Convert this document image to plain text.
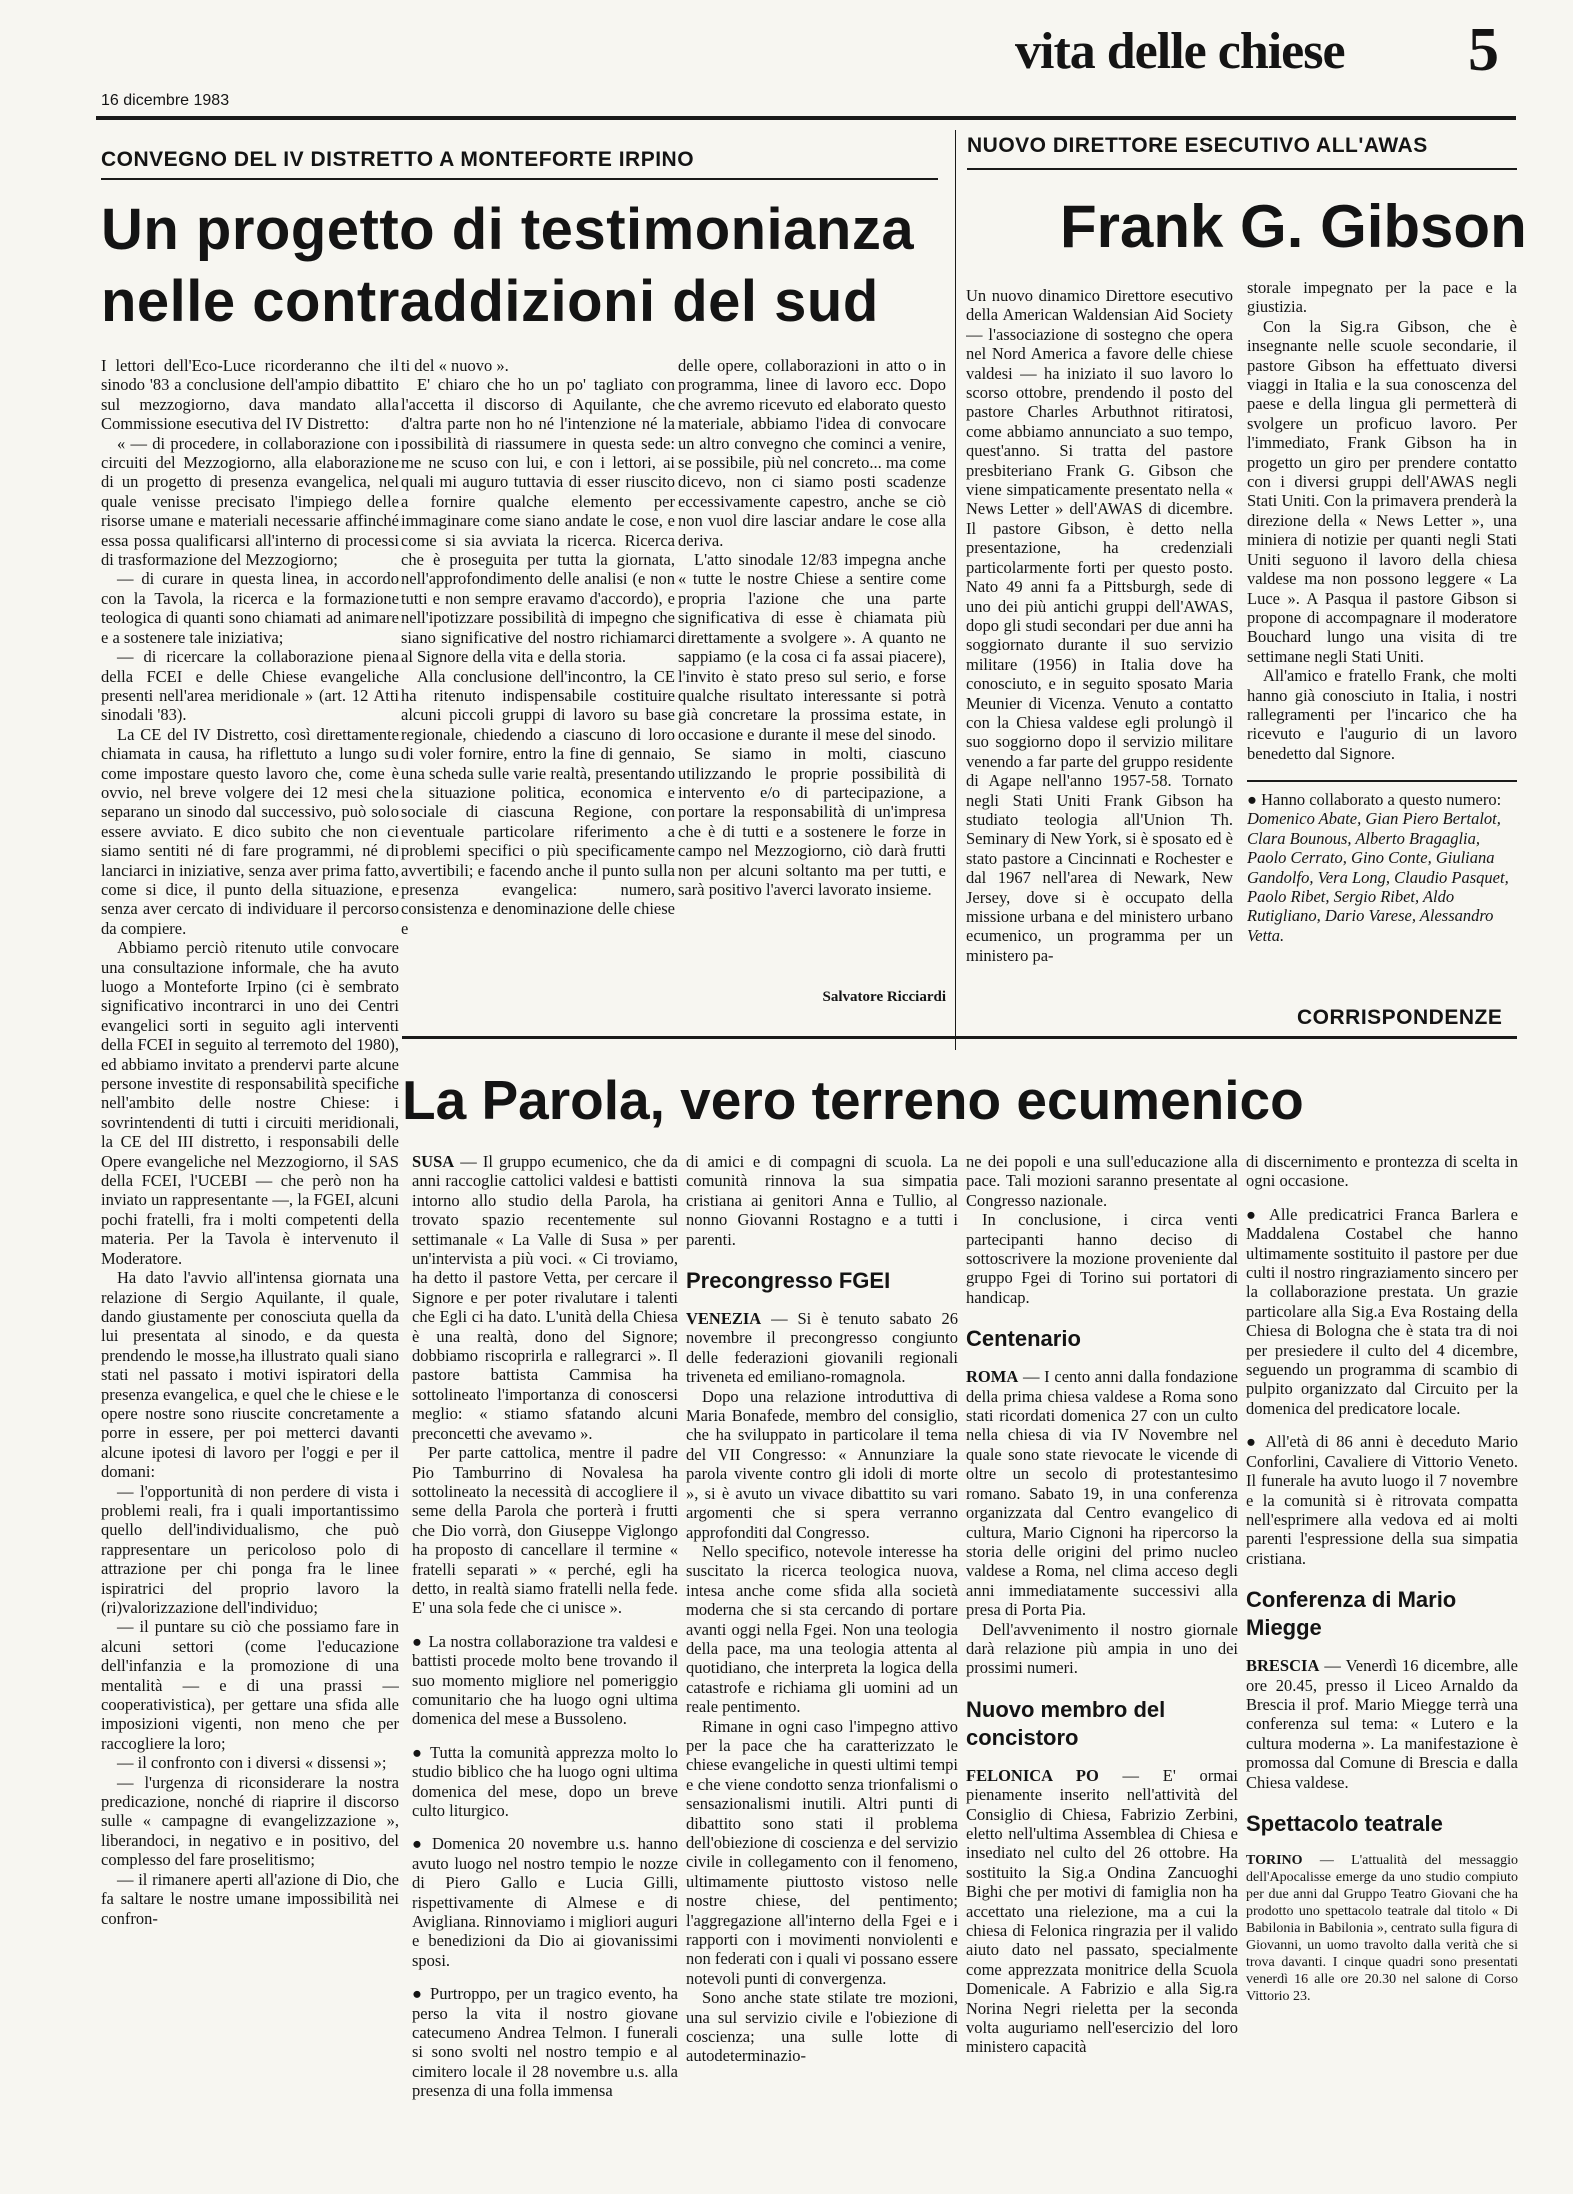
vita delle chiese 5
16 dicembre 1983
CONVEGNO DEL IV DISTRETTO A MONTEFORTE IRPINO
Un progetto di testimonianza
nelle contraddizioni del sud

I lettori dell'Eco-Luce ricorderanno che il sinodo '83 a conclusione dell'ampio dibattito sul mezzogiorno, dava mandato alla Commissione esecutiva del IV Distretto:

« — di procedere, in collaborazione con i circuiti del Mezzogiorno, alla elaborazione di un progetto di presenza evangelica, nel quale venisse precisato l'impiego delle risorse umane e materiali necessarie affinché essa possa qualificarsi all'interno di processi di trasformazione del Mezzogiorno;

— di curare in questa linea, in accordo con la Tavola, la ricerca e la formazione teologica di quanti sono chiamati ad animare e a sostenere tale iniziativa;

— di ricercare la collaborazione piena della FCEI e delle Chiese evangeliche presenti nell'area meridionale » (art. 12 Atti sinodali '83).

La CE del IV Distretto, così direttamente chiamata in causa, ha riflettuto a lungo su come impostare questo lavoro che, come è ovvio, nel breve volgere dei 12 mesi che separano un sinodo dal successivo, può solo essere avviato. E dico subito che non ci siamo sentiti né di fare programmi, né di lanciarci in iniziative, senza aver prima fatto, come si dice, il punto della situazione, e senza aver cercato di individuare il percorso da compiere.

Abbiamo perciò ritenuto utile convocare una consultazione informale, che ha avuto luogo a Monteforte Irpino (ci è sembrato significativo incontrarci in uno dei Centri evangelici sorti in seguito agli interventi della FCEI in seguito al terremoto del 1980), ed abbiamo invitato a prendervi parte alcune persone investite di responsabilità specifiche nell'ambito delle nostre Chiese: i sovrintendenti di tutti i circuiti meridionali, la CE del III distretto, i responsabili delle Opere evangeliche nel Mezzogiorno, il SAS della FCEI, l'UCEBI — che però non ha inviato un rappresentante —, la FGEI, alcuni pochi fratelli, fra i molti competenti della materia. Per la Tavola è intervenuto il Moderatore.

Ha dato l'avvio all'intensa giornata una relazione di Sergio Aquilante, il quale, dando giustamente per conosciuta quella da lui presentata al sinodo, e da questa prendendo le mosse,ha illustrato quali siano stati nel passato i motivi ispiratori della presenza evangelica, e quel che le chiese e le opere nostre sono riuscite concretamente a porre in essere, per poi metterci davanti alcune ipotesi di lavoro per l'oggi e per il domani:

— l'opportunità di non perdere di vista i problemi reali, fra i quali importantissimo quello dell'individualismo, che può rappresentare un pericoloso polo di attrazione per chi ponga fra le linee ispiratrici del proprio lavoro la (ri)valorizzazione dell'individuo;

— il puntare su ciò che possiamo fare in alcuni settori (come l'educazione dell'infanzia e la promozione di una mentalità — e di una prassi — cooperativistica), per gettare una sfida alle imposizioni vigenti, non meno che per raccogliere la loro;

— il confronto con i diversi « dissensi »;

— l'urgenza di riconsiderare la nostra predicazione, nonché di riaprire il discorso sulle « campagne di evangelizzazione », liberandoci, in negativo e in positivo, del complesso del fare proselitismo;

— il rimanere aperti all'azione di Dio, che fa saltare le nostre umane impossibilità nei confron-

ti del « nuovo ».

E' chiaro che ho un po' tagliato con l'accetta il discorso di Aquilante, che d'altra parte non ho né l'intenzione né la possibilità di riassumere in questa sede: me ne scuso con lui, e con i lettori, ai quali mi auguro tuttavia di esser riuscito a fornire qualche elemento per immaginare come siano andate le cose, e come si sia avviata la ricerca. Ricerca che è proseguita per tutta la giornata, nell'approfondimento delle analisi (e non tutti e non sempre eravamo d'accordo), e nell'ipotizzare possibilità di impegno che siano significative del nostro richiamarci al Signore della vita e della storia.

Alla conclusione dell'incontro, la CE ha ritenuto indispensabile costituire alcuni piccoli gruppi di lavoro su base regionale, chiedendo a ciascuno di loro di voler fornire, entro la fine di gennaio, una scheda sulle varie realtà, presentando la situazione politica, economica e sociale di ciascuna Regione, con eventuale particolare riferimento a problemi specifici o più specificamente avvertibili; e facendo anche il punto sulla presenza evangelica: numero, consistenza e denominazione delle chiese e

delle opere, collaborazioni in atto o in programma, linee di lavoro ecc. Dopo che avremo ricevuto ed elaborato questo materiale, abbiamo l'idea di convocare un altro convegno che cominci a venire, se possibile, più nel concreto... ma come dicevo, non ci siamo posti scadenze eccessivamente capestro, anche se ciò non vuol dire lasciar andare le cose alla deriva.

L'atto sinodale 12/83 impegna anche « tutte le nostre Chiese a sentire come propria l'azione che una parte significativa di esse è chiamata più direttamente a svolgere ». A quanto ne sappiamo (e la cosa ci fa assai piacere), l'invito è stato preso sul serio, e forse qualche risultato interessante si potrà già concretare la prossima estate, in occasione e durante il mese del sinodo.

Se siamo in molti, ciascuno utilizzando le proprie possibilità di intervento e/o di partecipazione, a portare la responsabilità di un'impresa che è di tutti e a sostenere le forze in campo nel Mezzogiorno, ciò darà frutti non per alcuni soltanto ma per tutti, e sarà positivo l'averci lavorato insieme.

Salvatore Ricciardi
NUOVO DIRETTORE ESECUTIVO ALL'AWAS
Frank G. Gibson

Un nuovo dinamico Direttore esecutivo della American Waldensian Aid Society — l'associazione di sostegno che opera nel Nord America a favore delle chiese valdesi — ha iniziato il suo lavoro lo scorso ottobre, prendendo il posto del pastore Charles Arbuthnot ritiratosi, come abbiamo annunciato a suo tempo, quest'anno. Si tratta del pastore presbiteriano Frank G. Gibson che viene simpaticamente presentato nella « News Letter » dell'AWAS di dicembre. Il pastore Gibson, è detto nella presentazione, ha credenziali particolarmente forti per questo posto. Nato 49 anni fa a Pittsburgh, sede di uno dei più antichi gruppi dell'AWAS, dopo gli studi secondari per due anni ha soggiornato durante il suo servizio militare (1956) in Italia dove ha conosciuto, e in seguito sposato Maria Meunier di Vicenza. Venuto a contatto con la Chiesa valdese egli prolungò il suo soggiorno dopo il servizio militare venendo a far parte del gruppo residente di Agape nell'anno 1957-58. Tornato negli Stati Uniti Frank Gibson ha studiato teologia all'Union Th. Seminary di New York, si è sposato ed è stato pastore a Cincinnati e Rochester e dal 1967 nell'area di Newark, New Jersey, dove si è occupato della missione urbana e del ministero urbano ecumenico, un programma per un ministero pa-

storale impegnato per la pace e la giustizia.

Con la Sig.ra Gibson, che è insegnante nelle scuole secondarie, il pastore Gibson ha effettuato diversi viaggi in Italia e la sua conoscenza del paese e della lingua gli permetterà di svolgere un proficuo lavoro. Per l'immediato, Frank Gibson ha in progetto un giro per prendere contatto con i diversi gruppi dell'AWAS negli Stati Uniti. Con la primavera prenderà la direzione della « News Letter », una miniera di notizie per quanti negli Stati Uniti seguono il lavoro della chiesa valdese ma non possono leggere « La Luce ». A Pasqua il pastore Gibson si propone di accompagnare il moderatore Bouchard lungo una visita di tre settimane negli Stati Uniti.

All'amico e fratello Frank, che molti hanno già conosciuto in Italia, i nostri rallegramenti per l'incarico che ha ricevuto e l'augurio di un lavoro benedetto dal Signore.

● Hanno collaborato a questo numero: Domenico Abate, Gian Piero Bertalot, Clara Bounous, Alberto Bragaglia, Paolo Cerrato, Gino Conte, Giuliana Gandolfo, Vera Long, Claudio Pasquet, Paolo Ribet, Sergio Ribet, Aldo Rutigliano, Dario Varese, Alessandro Vetta.

CORRISPONDENZE
La Parola, vero terreno ecumenico

SUSA — Il gruppo ecumenico, che da anni raccoglie cattolici valdesi e battisti intorno allo studio della Parola, ha trovato spazio recentemente sul settimanale « La Valle di Susa » per un'intervista a più voci. « Ci troviamo, ha detto il pastore Vetta, per cercare il Signore e per poter rivalutare i talenti che Egli ci ha dato. L'unità della Chiesa è una realtà, dono del Signore; dobbiamo riscoprirla e rallegrarci ». Il pastore battista Cammisa ha sottolineato l'importanza di conoscersi meglio: « stiamo sfatando alcuni preconcetti che avevamo ».

Per parte cattolica, mentre il padre Pio Tamburrino di Novalesa ha sottolineato la necessità di accogliere il seme della Parola che porterà i frutti che Dio vorrà, don Giuseppe Viglongo ha proposto di cancellare il termine « fratelli separati » « perché, egli ha detto, in realtà siamo fratelli nella fede. E' una sola fede che ci unisce ».

● La nostra collaborazione tra valdesi e battisti procede molto bene trovando il suo momento migliore nel pomeriggio comunitario che ha luogo ogni ultima domenica del mese a Bussoleno.

● Tutta la comunità apprezza molto lo studio biblico che ha luogo ogni ultima domenica del mese, dopo un breve culto liturgico.

● Domenica 20 novembre u.s. hanno avuto luogo nel nostro tempio le nozze di Piero Gallo e Lucia Gilli, rispettivamente di Almese e di Avigliana. Rinnoviamo i migliori auguri e benedizioni da Dio ai giovanissimi sposi.

● Purtroppo, per un tragico evento, ha perso la vita il nostro giovane catecumeno Andrea Telmon. I funerali si sono svolti nel nostro tempio e al cimitero locale il 28 novembre u.s. alla presenza di una folla immensa

di amici e di compagni di scuola. La comunità rinnova la sua simpatia cristiana ai genitori Anna e Tullio, al nonno Giovanni Rostagno e a tutti i parenti.

Precongresso FGEI

VENEZIA — Si è tenuto sabato 26 novembre il precongresso congiunto delle federazioni giovanili regionali triveneta ed emiliano-romagnola.

Dopo una relazione introduttiva di Maria Bonafede, membro del consiglio, che ha sviluppato in particolare il tema del VII Congresso: « Annunziare la parola vivente contro gli idoli di morte », si è avuto un vivace dibattito su vari argomenti che si spera verranno approfonditi dal Congresso.

Nello specifico, notevole interesse ha suscitato la ricerca teologica nuova, intesa anche come sfida alla società moderna che si sta cercando di portare avanti oggi nella Fgei. Non una teologia della pace, ma una teologia attenta al quotidiano, che interpreta la logica della catastrofe e richiama gli uomini ad un reale pentimento.

Rimane in ogni caso l'impegno attivo per la pace che ha caratterizzato le chiese evangeliche in questi ultimi tempi e che viene condotto senza trionfalismi o sensazionalismi inutili. Altri punti di dibattito sono stati il problema dell'obiezione di coscienza e del servizio civile in collegamento con il fenomeno, ultimamente piuttosto vistoso nelle nostre chiese, del pentimento; l'aggregazione all'interno della Fgei e i rapporti con i movimenti nonviolenti e non federati con i quali vi possano essere notevoli punti di convergenza.

Sono anche state stilate tre mozioni, una sul servizio civile e l'obiezione di coscienza; una sulle lotte di autodeterminazio-

ne dei popoli e una sull'educazione alla pace. Tali mozioni saranno presentate al Congresso nazionale.

In conclusione, i circa venti partecipanti hanno deciso di sottoscrivere la mozione proveniente dal gruppo Fgei di Torino sui portatori di handicap.

Centenario

ROMA — I cento anni dalla fondazione della prima chiesa valdese a Roma sono stati ricordati domenica 27 con un culto nella chiesa di via IV Novembre nel quale sono state rievocate le vicende di oltre un secolo di protestantesimo romano. Sabato 19, in una conferenza organizzata dal Centro evangelico di cultura, Mario Cignoni ha ripercorso la storia delle origini del primo nucleo valdese a Roma, nel clima acceso degli anni immediatamente successivi alla presa di Porta Pia.

Dell'avvenimento il nostro giornale darà relazione più ampia in uno dei prossimi numeri.

Nuovo membro del concistoro

FELONICA PO — E' ormai pienamente inserito nell'attività del Consiglio di Chiesa, Fabrizio Zerbini, eletto nell'ultima Assemblea di Chiesa e insediato nel culto del 26 ottobre. Ha sostituito la Sig.a Ondina Zancuoghi Bighi che per motivi di famiglia non ha accettato una rielezione, ma a cui la chiesa di Felonica ringrazia per il valido aiuto dato nel passato, specialmente come apprezzata monitrice della Scuola Domenicale. A Fabrizio e alla Sig.ra Norina Negri rieletta per la seconda volta auguriamo nell'esercizio del loro ministero capacità

di discernimento e prontezza di scelta in ogni occasione.

● Alle predicatrici Franca Barlera e Maddalena Costabel che hanno ultimamente sostituito il pastore per due culti il nostro ringraziamento sincero per la collaborazione prestata. Un grazie particolare alla Sig.a Eva Rostaing della Chiesa di Bologna che è stata tra di noi per presiedere il culto del 4 dicembre, seguendo un programma di scambio di pulpito organizzato dal Circuito per la domenica del predicatore locale.

● All'età di 86 anni è deceduto Mario Conforlini, Cavaliere di Vittorio Veneto. Il funerale ha avuto luogo il 7 novembre e la comunità si è ritrovata compatta nell'esprimere alla vedova ed ai molti parenti l'espressione della sua simpatia cristiana.

Conferenza di Mario Miegge

BRESCIA — Venerdì 16 dicembre, alle ore 20.45, presso il Liceo Arnaldo da Brescia il prof. Mario Miegge terrà una conferenza sul tema: « Lutero e la cultura moderna ». La manifestazione è promossa dal Comune di Brescia e dalla Chiesa valdese.

Spettacolo teatrale

TORINO — L'attualità del messaggio dell'Apocalisse emerge da uno studio compiuto per due anni dal Gruppo Teatro Giovani che ha prodotto uno spettacolo teatrale dal titolo « Di Babilonia in Babilonia », centrato sulla figura di Giovanni, un uomo travolto dalla verità che si trova davanti. I cinque quadri sono presentati venerdì 16 alle ore 20.30 nel salone di Corso Vittorio 23.
